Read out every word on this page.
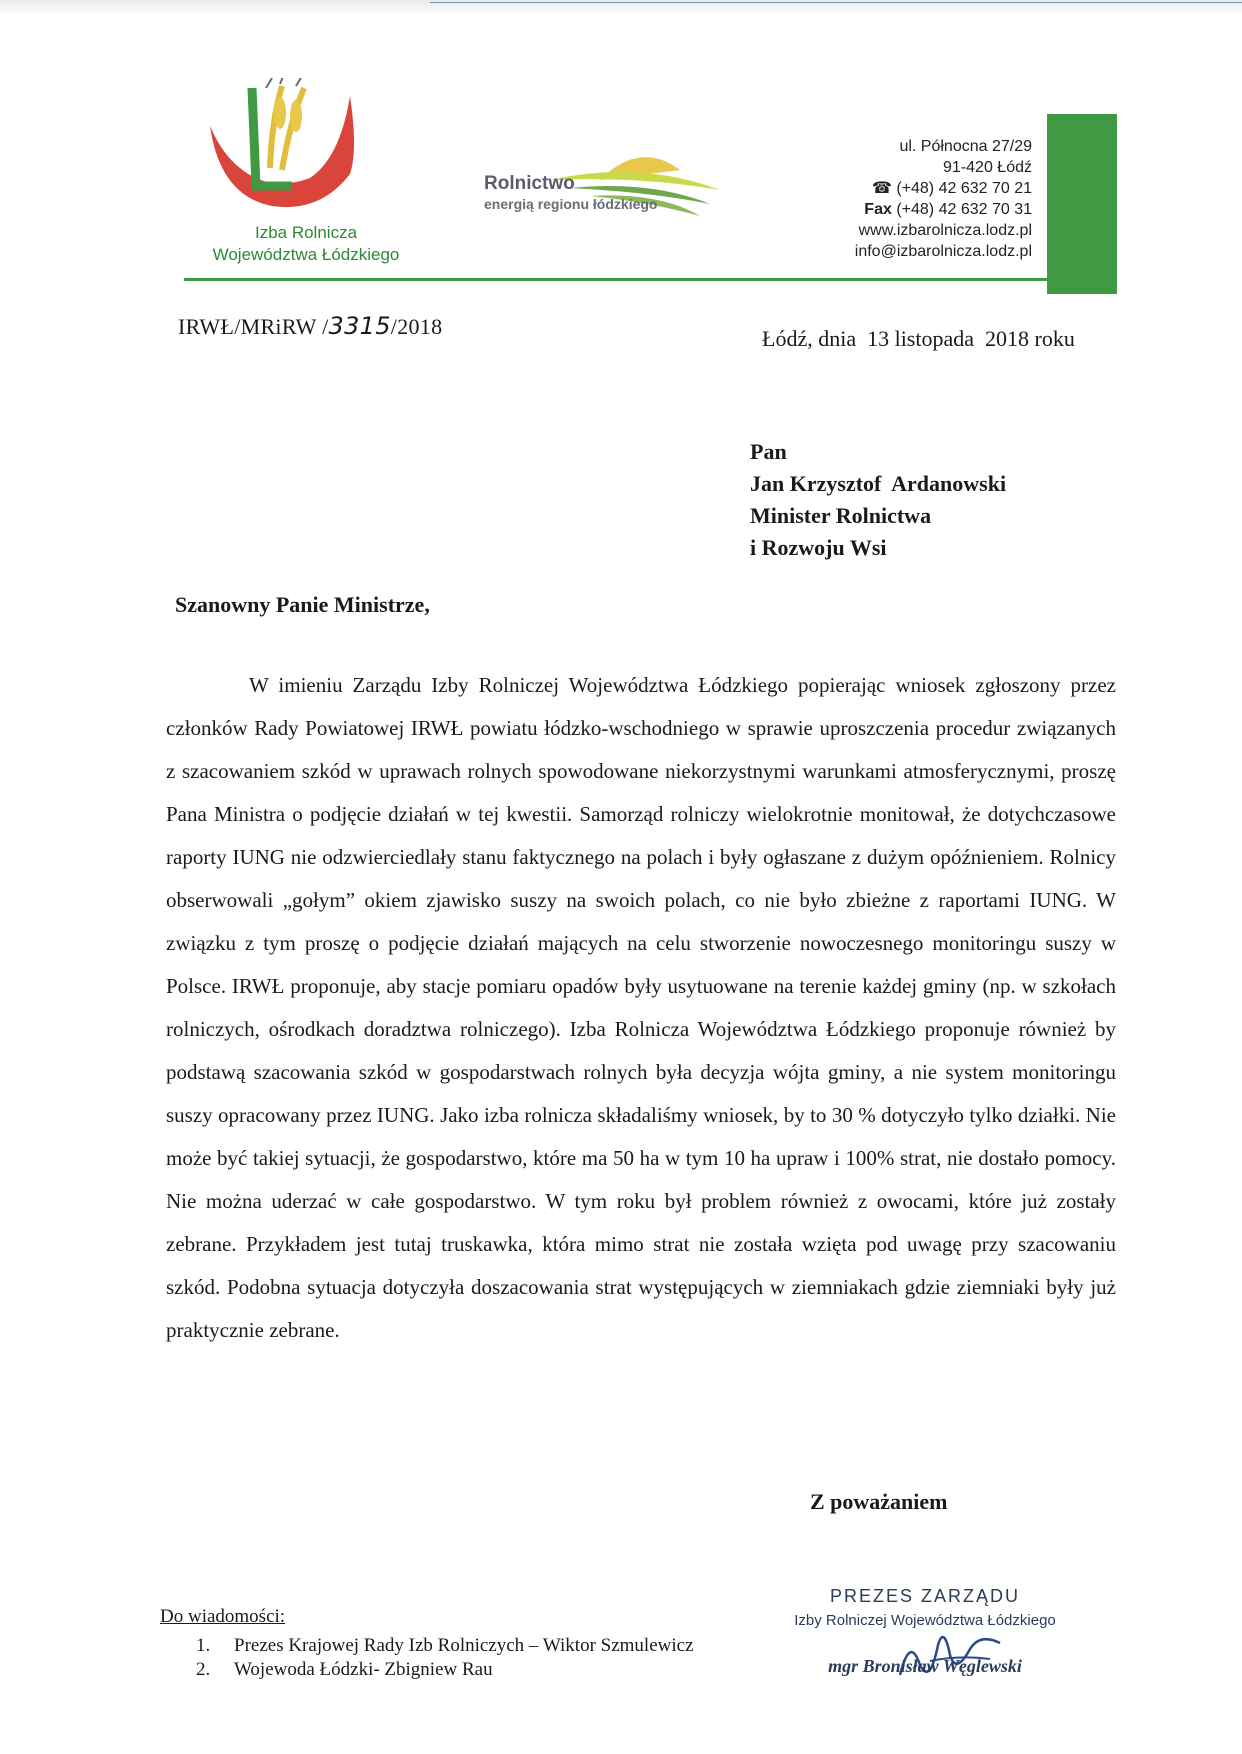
Izba Rolnicza
Województwa Łódzkiego
Rolnictwo
energią regionu łódzkiego
ul. Północna 27/29
91-420 Łódź
☎ (+48) 42 632 70 21
Fax (+48) 42 632 70 31
www.izbarolnicza.lodz.pl
info@izbarolnicza.lodz.pl
IRWŁ/MRiRW /3315/2018	Łódź, dnia  13 listopada  2018 roku
Pan
Jan Krzysztof  Ardanowski
Minister Rolnictwa
i Rozwoju Wsi
Szanowny Panie Ministrze,

W imieniu Zarządu Izby Rolniczej Województwa Łódzkiego popierając wniosek zgłoszony przez członków Rady Powiatowej IRWŁ powiatu łódzko-wschodniego w sprawie uproszczenia procedur związanych z szacowaniem szkód w uprawach rolnych spowodowane niekorzystnymi warunkami atmosferycznymi, proszę Pana Ministra o podjęcie działań w tej kwestii. Samorząd rolniczy wielokrotnie monitował, że dotychczasowe raporty IUNG nie odzwierciedlały stanu faktycznego na polach i były ogłaszane z dużym opóźnieniem. Rolnicy obserwowali „gołym” okiem zjawisko suszy na swoich polach, co nie było zbieżne z raportami IUNG. W związku z tym proszę o podjęcie działań mających na celu stworzenie nowoczesnego monitoringu suszy w Polsce. IRWŁ proponuje, aby stacje pomiaru opadów były usytuowane na terenie każdej gminy (np. w szkołach rolniczych, ośrodkach doradztwa rolniczego). Izba Rolnicza Województwa Łódzkiego proponuje również by podstawą szacowania szkód w gospodarstwach rolnych była decyzja wójta gminy, a nie system monitoringu suszy opracowany przez IUNG. Jako izba rolnicza składaliśmy wniosek, by to 30 % dotyczyło tylko działki. Nie może być takiej sytuacji, że gospodarstwo, które ma 50 ha w tym 10 ha upraw i 100% strat, nie dostało pomocy. Nie można uderzać w całe gospodarstwo. W tym roku był problem również z owocami, które już zostały zebrane. Przykładem jest tutaj truskawka, która mimo strat nie została wzięta pod uwagę przy szacowaniu szkód. Podobna sytuacja dotyczyła doszacowania strat występujących w ziemniakach gdzie ziemniaki były już praktycznie zebrane.

Z poważaniem
PREZES ZARZĄDU
Izby Rolniczej Województwa Łódzkiego
mgr Bronisław Węglewski
Do wiadomości:
1. Prezes Krajowej Rady Izb Rolniczych – Wiktor Szmulewicz
2. Wojewoda Łódzki- Zbigniew Rau
